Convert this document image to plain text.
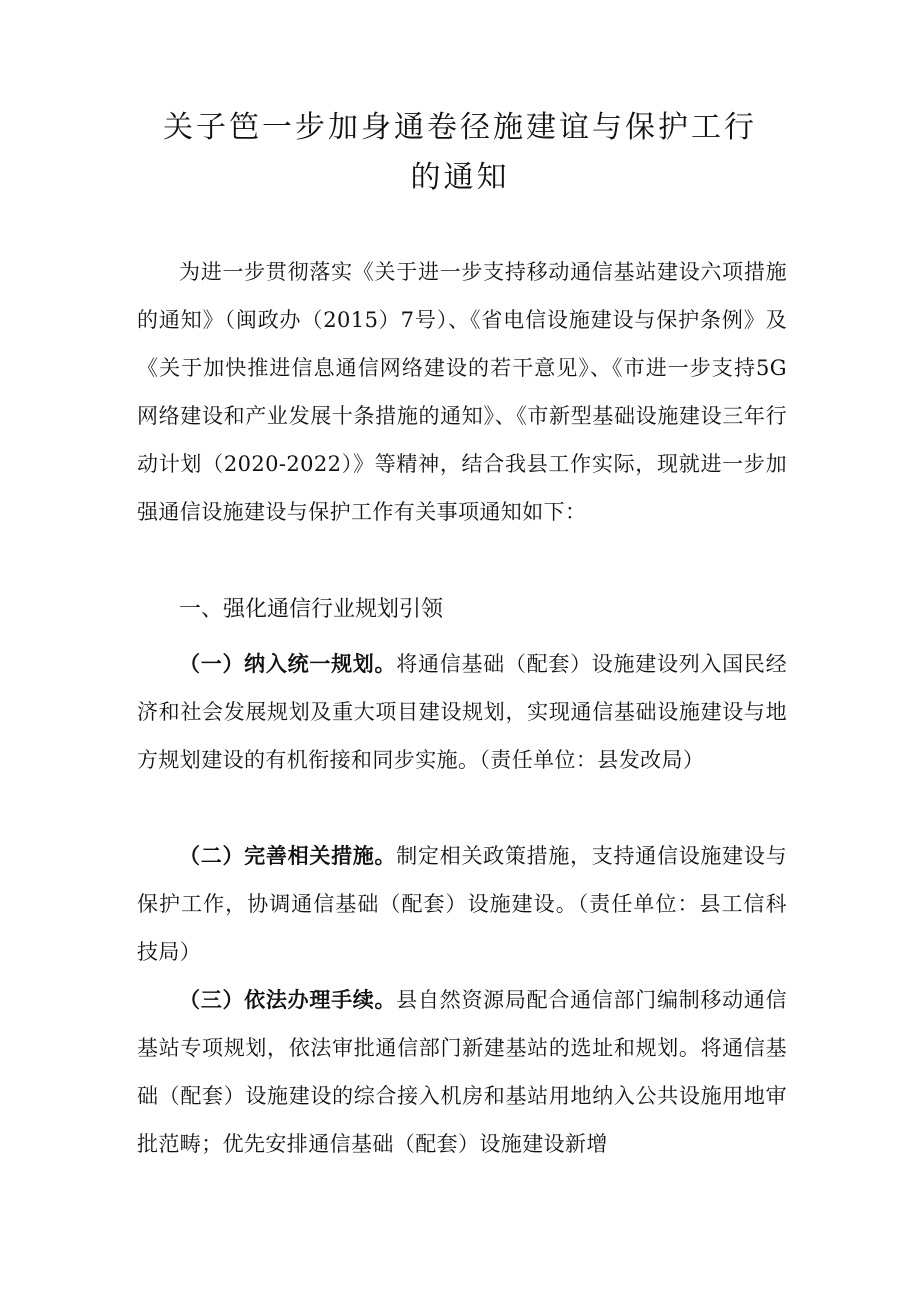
关子笆一步加身通卷径施建谊与保护工行
的通知

为进一步贯彻落实《关于进一步支持移动通信基站建设六项措施的通知》（闽政办（2015）7号）、《省电信设施建设与保护条例》及《关于加快推进信息通信网络建设的若干意见》、《市进一步支持5G网络建设和产业发展十条措施的通知》、《市新型基础设施建设三年行动计划（2020-2022）》等精神，结合我县工作实际，现就进一步加强通信设施建设与保护工作有关事项通知如下：

一、强化通信行业规划引领

（一）纳入统一规划。将通信基础（配套）设施建设列入国民经济和社会发展规划及重大项目建设规划，实现通信基础设施建设与地方规划建设的有机衔接和同步实施。（责任单位：县发改局）

（二）完善相关措施。制定相关政策措施，支持通信设施建设与保护工作，协调通信基础（配套）设施建设。（责任单位：县工信科技局）

（三）依法办理手续。县自然资源局配合通信部门编制移动通信基站专项规划，依法审批通信部门新建基站的选址和规划。将通信基础（配套）设施建设的综合接入机房和基站用地纳入公共设施用地审批范畴；优先安排通信基础（配套）设施建设新增
